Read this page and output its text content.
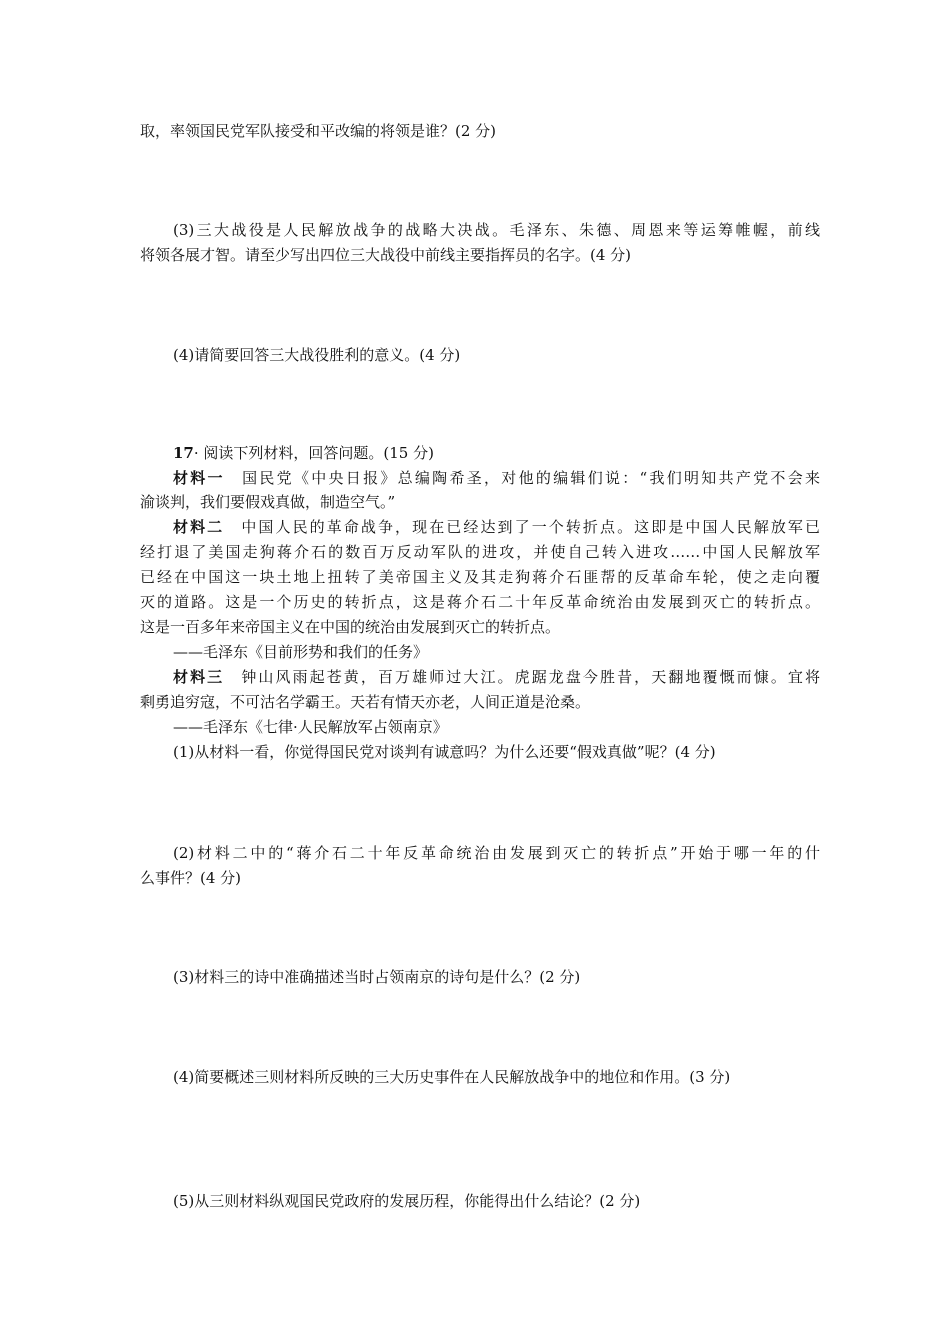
取，率领国民党军队接受和平改编的将领是谁？(2 分)
(3)三大战役是人民解放战争的战略大决战。毛泽东、朱德、周恩来等运筹帷幄，前线
将领各展才智。请至少写出四位三大战役中前线主要指挥员的名字。(4 分)
(4)请简要回答三大战役胜利的意义。(4 分)
17· 阅读下列材料，回答问题。(15 分)
材料一　国民党《中央日报》总编陶希圣，对他的编辑们说：“我们明知共产党不会来
渝谈判，我们要假戏真做，制造空气。”
材料二　中国人民的革命战争，现在已经达到了一个转折点。这即是中国人民解放军已
经打退了美国走狗蒋介石的数百万反动军队的进攻，并使自己转入进攻……中国人民解放军
已经在中国这一块土地上扭转了美帝国主义及其走狗蒋介石匪帮的反革命车轮，使之走向覆
灭的道路。这是一个历史的转折点，这是蒋介石二十年反革命统治由发展到灭亡的转折点。
这是一百多年来帝国主义在中国的统治由发展到灭亡的转折点。
——毛泽东《目前形势和我们的任务》
材料三　钟山风雨起苍黄，百万雄师过大江。虎踞龙盘今胜昔，天翻地覆慨而慷。宜将
剩勇追穷寇，不可沽名学霸王。天若有情天亦老，人间正道是沧桑。
——毛泽东《七律·人民解放军占领南京》
(1)从材料一看，你觉得国民党对谈判有诚意吗？为什么还要“假戏真做”呢？(4 分)
(2)材料二中的“蒋介石二十年反革命统治由发展到灭亡的转折点”开始于哪一年的什
么事件？(4 分)
(3)材料三的诗中准确描述当时占领南京的诗句是什么？(2 分)
(4)简要概述三则材料所反映的三大历史事件在人民解放战争中的地位和作用。(3 分)
(5)从三则材料纵观国民党政府的发展历程，你能得出什么结论？(2 分)
